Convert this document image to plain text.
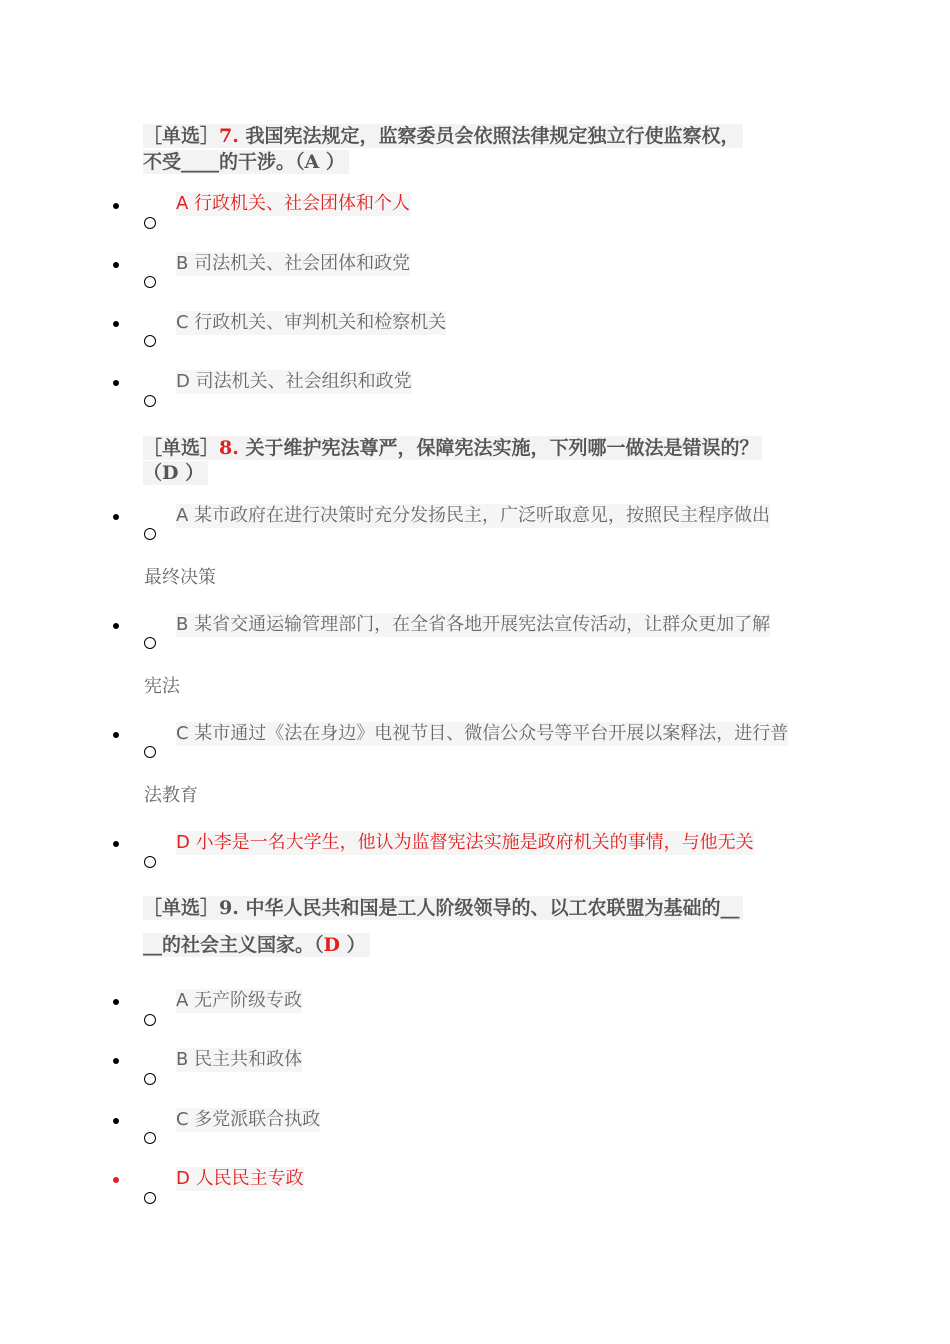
［单选］7. 我国宪法规定，监察委员会依照法律规定独立行使监察权，
不受____的干涉。（A ）
A 行政机关、社会团体和个人
B 司法机关、社会团体和政党
C 行政机关、审判机关和检察机关
D 司法机关、社会组织和政党
［单选］8. 关于维护宪法尊严，保障宪法实施，下列哪一做法是错误的？
（D ）
A 某市政府在进行决策时充分发扬民主，广泛听取意见，按照民主程序做出
最终决策
B 某省交通运输管理部门，在全省各地开展宪法宣传活动，让群众更加了解
宪法
C 某市通过《法在身边》电视节目、微信公众号等平台开展以案释法，进行普
法教育
D 小李是一名大学生，他认为监督宪法实施是政府机关的事情，与他无关
［单选］9. 中华人民共和国是工人阶级领导的、以工农联盟为基础的__
__的社会主义国家。（D ）
A 无产阶级专政
B 民主共和政体
C 多党派联合执政
D 人民民主专政
